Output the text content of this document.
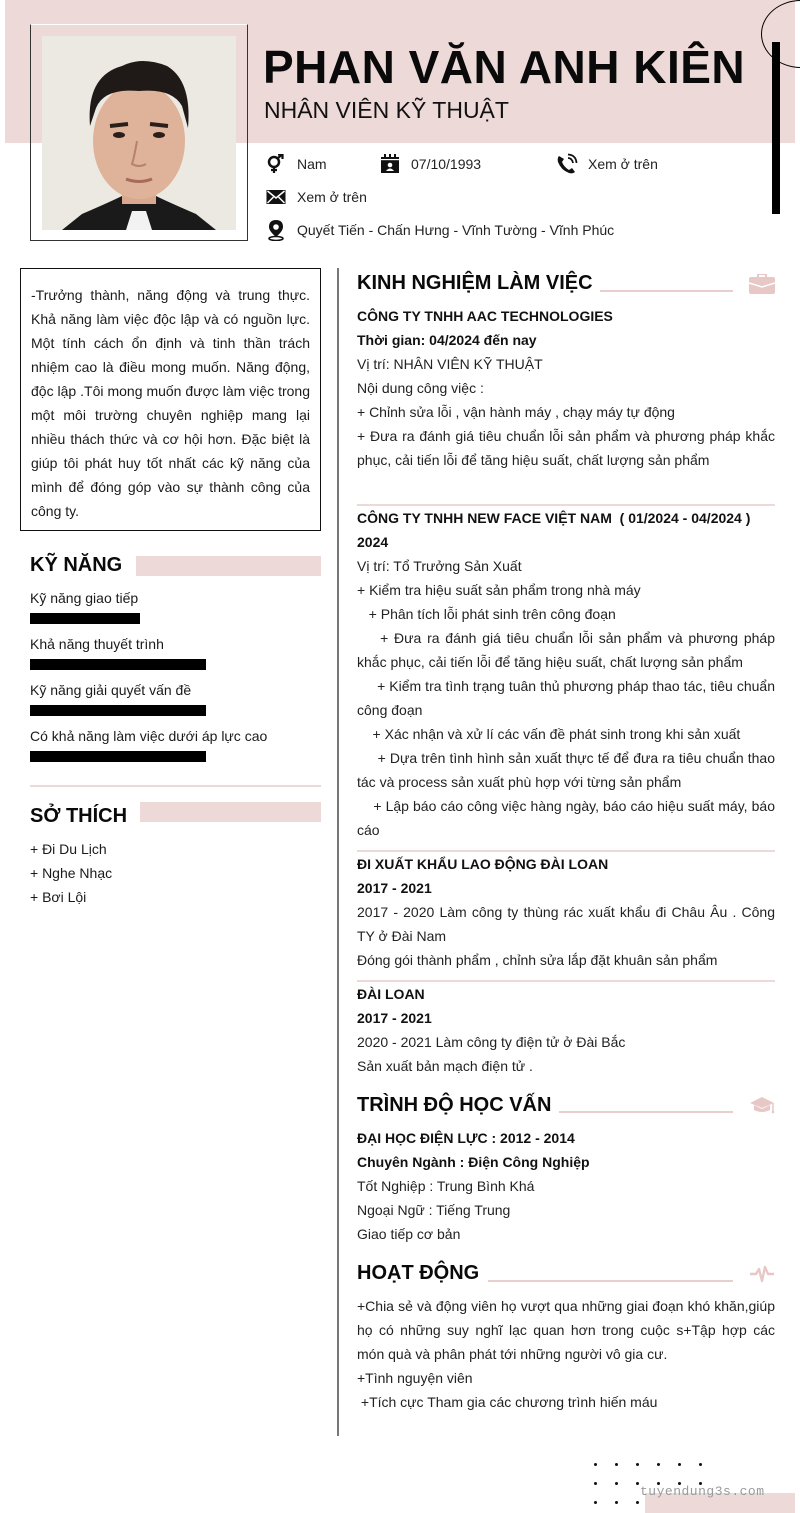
PHAN VĂN ANH KIÊN
NHÂN VIÊN KỸ THUẬT
Nam	07/10/1993	Xem ở trên
Xem ở trên
Quyết Tiến - Chấn Hưng - Vĩnh Tường - Vĩnh Phúc
-Trưởng thành, năng động và trung thực. Khả năng làm việc độc lập và có nguồn lực. Một tính cách ổn định và tinh thần trách nhiệm cao là điều mong muốn. Năng động, độc lập .Tôi mong muốn được làm việc trong một môi trường chuyên nghiệp mang lại nhiều thách thức và cơ hội hơn. Đặc biệt là giúp tôi phát huy tốt nhất các kỹ năng của mình để đóng góp vào sự thành công của công ty.
KỸ NĂNG
Kỹ năng giao tiếp
Khả năng thuyết trình
Kỹ năng giải quyết vấn đề
Có khả năng làm việc dưới áp lực cao
SỞ THÍCH
+ Đi Du Lịch
+ Nghe Nhạc
+ Bơi Lội
KINH NGHIỆM LÀM VIỆC
CÔNG TY TNHH AAC TECHNOLOGIES
Thời gian: 04/2024 đến nay
Vị trí: NHÂN VIÊN KỸ THUẬT
Nội dung công việc :
+ Chỉnh sửa lỗi , vận hành máy , chạy máy tự động
+ Đưa ra đánh giá tiêu chuẩn lỗi sản phẩm và phương pháp khắc phục, cải tiến lỗi để tăng hiệu suất, chất lượng sản phẩm
CÔNG TY TNHH NEW FACE VIỆT NAM  ( 01/2024 - 04/2024 )
2024
Vị trí: Tổ Trưởng Sản Xuất
+ Kiểm tra hiệu suất sản phẩm trong nhà máy
+ Phân tích lỗi phát sinh trên công đoạn
+ Đưa ra đánh giá tiêu chuẩn lỗi sản phẩm và phương pháp khắc phục, cải tiến lỗi để tăng hiệu suất, chất lượng sản phẩm
+ Kiểm tra tình trạng tuân thủ phương pháp thao tác, tiêu chuẩn công đoạn
+ Xác nhận và xử lí các vấn đề phát sinh trong khi sản xuất
+ Dựa trên tình hình sản xuất thực tế để đưa ra tiêu chuẩn thao tác và process sản xuất phù hợp với từng sản phẩm
+ Lập báo cáo công việc hàng ngày, báo cáo hiệu suất máy, báo cáo
ĐI XUẤT KHẨU LAO ĐỘNG ĐÀI LOAN
2017 - 2021
2017 - 2020 Làm công ty thùng rác xuất khẩu đi Châu Âu . Công TY ở Đài Nam
Đóng gói thành phẩm , chỉnh sửa lắp đặt khuân sản phẩm
ĐÀI LOAN
2017 - 2021
2020 - 2021 Làm công ty điện tử ở Đài Bắc
Sản xuất bản mạch điện tử .
TRÌNH ĐỘ HỌC VẤN
ĐẠI HỌC ĐIỆN LỰC : 2012 - 2014
Chuyên Ngành : Điện Công Nghiệp
Tốt Nghiệp : Trung Bình Khá
Ngoại Ngữ : Tiếng Trung
Giao tiếp cơ bản
HOẠT ĐỘNG
+Chia sẻ và động viên họ vượt qua những giai đoạn khó khăn,giúp họ có những suy nghĩ lạc quan hơn trong cuộc s+Tập hợp các món quà và phân phát tới những người vô gia cư.
+Tình nguyện viên
+Tích cực Tham gia các chương trình hiến máu
tuyendung3s.com
